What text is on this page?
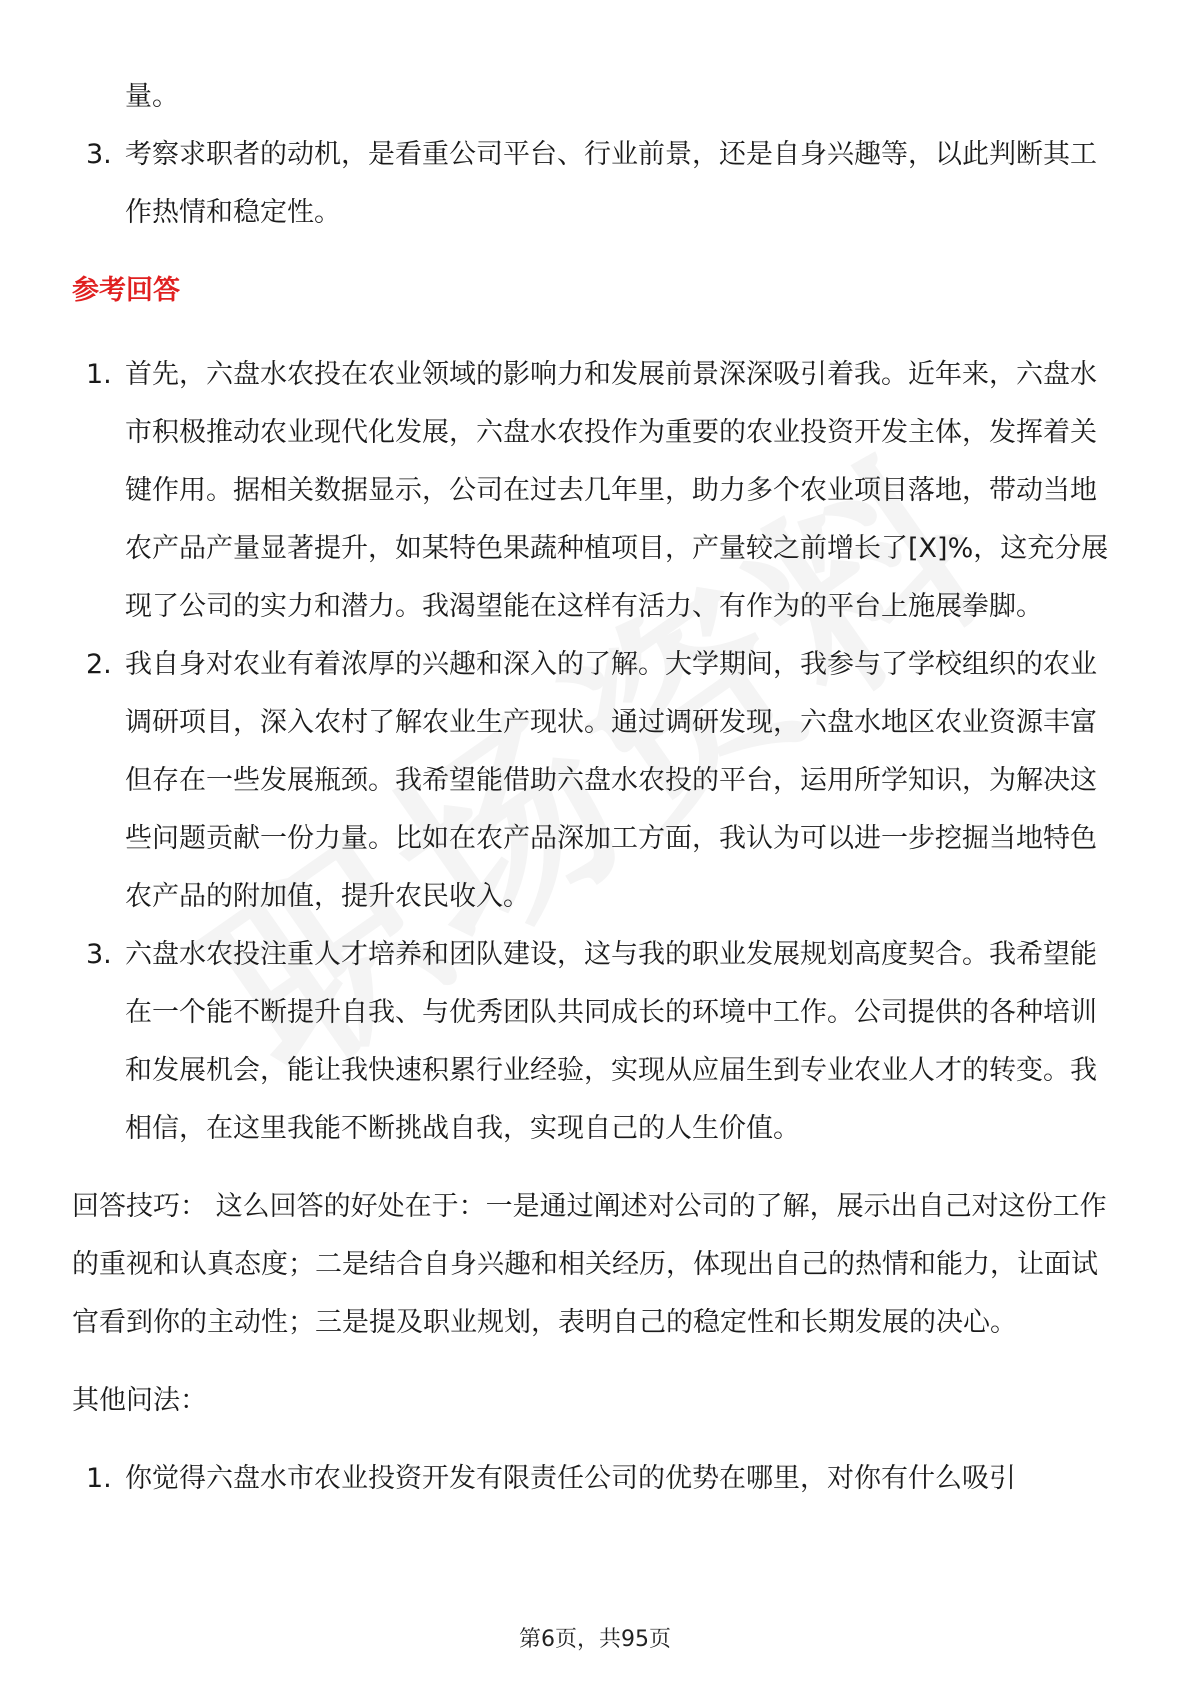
量。
3. 考察求职者的动机，是看重公司平台、行业前景，还是自身兴趣等，以此判断其工作热情和稳定性。
参考回答
1. 首先，六盘水农投在农业领域的影响力和发展前景深深吸引着我。近年来，六盘水市积极推动农业现代化发展，六盘水农投作为重要的农业投资开发主体，发挥着关键作用。据相关数据显示，公司在过去几年里，助力多个农业项目落地，带动当地农产品产量显著提升，如某特色果蔬种植项目，产量较之前增长了[X]%，这充分展现了公司的实力和潜力。我渴望能在这样有活力、有作为的平台上施展拳脚。
2. 我自身对农业有着浓厚的兴趣和深入的了解。大学期间，我参与了学校组织的农业调研项目，深入农村了解农业生产现状。通过调研发现，六盘水地区农业资源丰富但存在一些发展瓶颈。我希望能借助六盘水农投的平台，运用所学知识，为解决这些问题贡献一份力量。比如在农产品深加工方面，我认为可以进一步挖掘当地特色农产品的附加值，提升农民收入。
3. 六盘水农投注重人才培养和团队建设，这与我的职业发展规划高度契合。我希望能在一个能不断提升自我、与优秀团队共同成长的环境中工作。公司提供的各种培训和发展机会，能让我快速积累行业经验，实现从应届生到专业农业人才的转变。我相信，在这里我能不断挑战自我，实现自己的人生价值。

回答技巧： 这么回答的好处在于：一是通过阐述对公司的了解，展示出自己对这份工作的重视和认真态度；二是结合自身兴趣和相关经历，体现出自己的热情和能力，让面试官看到你的主动性；三是提及职业规划，表明自己的稳定性和长期发展的决心。

其他问法：

1. 你觉得六盘水市农业投资开发有限责任公司的优势在哪里，对你有什么吸引
第6页，共95页
